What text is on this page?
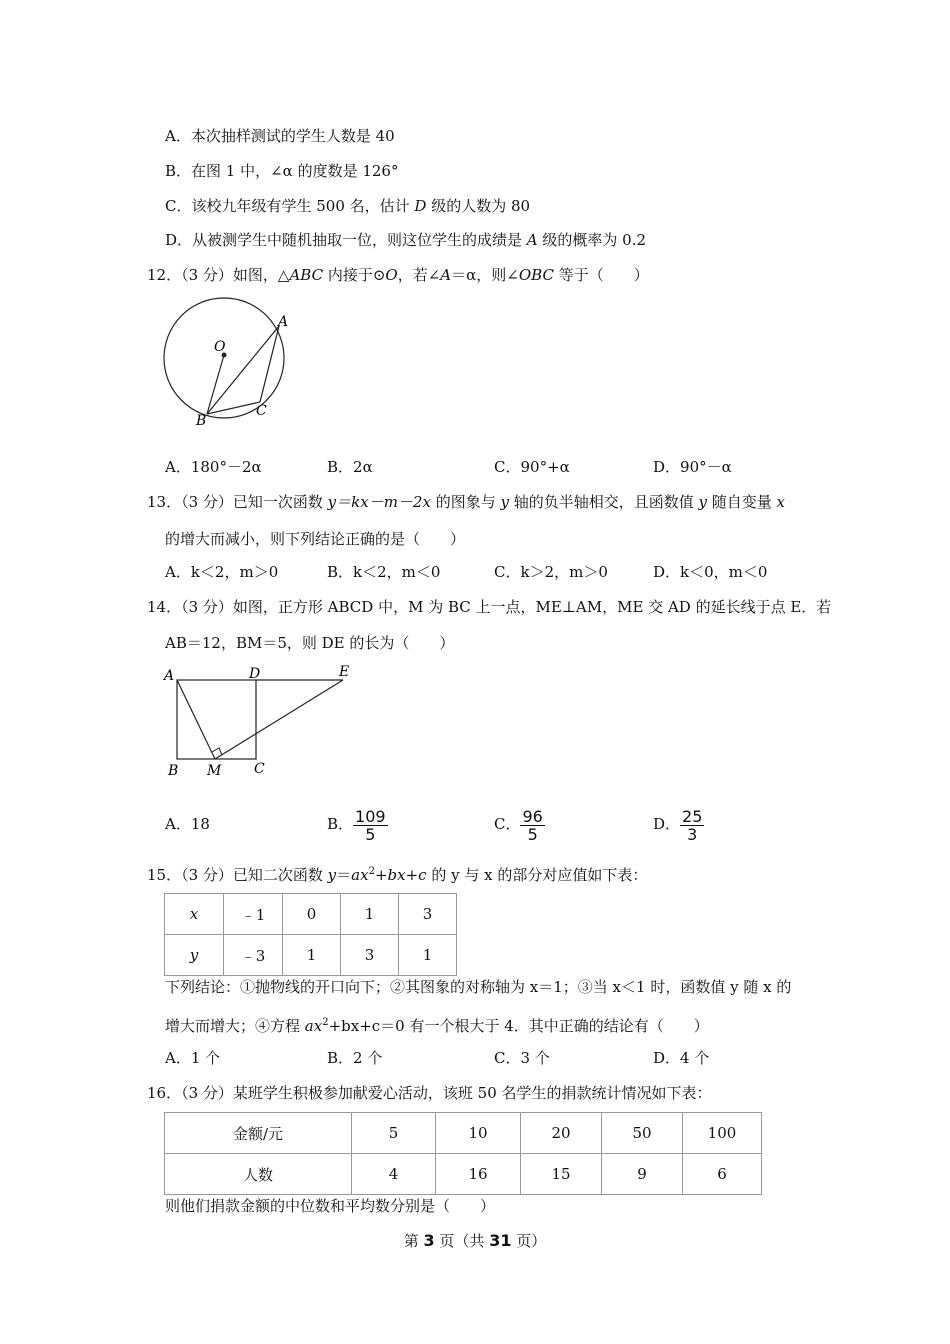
A．本次抽样测试的学生人数是 40
B．在图 1 中，∠α 的度数是 126°
C．该校九年级有学生 500 名，估计 D 级的人数为 80
D．从被测学生中随机抽取一位，则这位学生的成绩是 A 级的概率为 0.2
12．（3 分）如图，△ABC 内接于⊙O，若∠A＝α，则∠OBC 等于（　　）
O
A
B
C
A．180°－2α	B．2α	C．90°+α	D．90°－α
13．（3 分）已知一次函数 y＝kx－m－2x 的图象与 y 轴的负半轴相交，且函数值 y 随自变量 x
的增大而减小，则下列结论正确的是（　　）
A．k＜2，m＞0	B．k＜2，m＜0	C．k＞2，m＞0	D．k＜0，m＜0
14．（3 分）如图，正方形 ABCD 中，M 为 BC 上一点，ME⊥AM，ME 交 AD 的延长线于点 E．若
AB＝12，BM＝5，则 DE 的长为（　　）
A	D	E
B M C
A．18	B． $\frac{109}{5}$	C． $\frac{96}{5}$	D． $\frac{25}{3}$
15．（3 分）已知二次函数 $y=ax^2+bx+c$ 的 y 与 x 的部分对应值如下表：
x	﹣1	0	1	3
y	﹣3	1	3	1
下列结论：①抛物线的开口向下；②其图象的对称轴为 x＝1；③当 x＜1 时，函数值 y 随 x 的
增大而增大；④方程 $ax^2+bx+c=0$ 有一个根大于 4．其中正确的结论有（　　）
A．1 个	B．2 个	C．3 个	D．4 个
16．（3 分）某班学生积极参加献爱心活动，该班 50 名学生的捐款统计情况如下表：
金额/元	5	10	20	50	100
人数	4	16	15	9	6
则他们捐款金额的中位数和平均数分别是（　　）
第 3 页（共 31 页）
